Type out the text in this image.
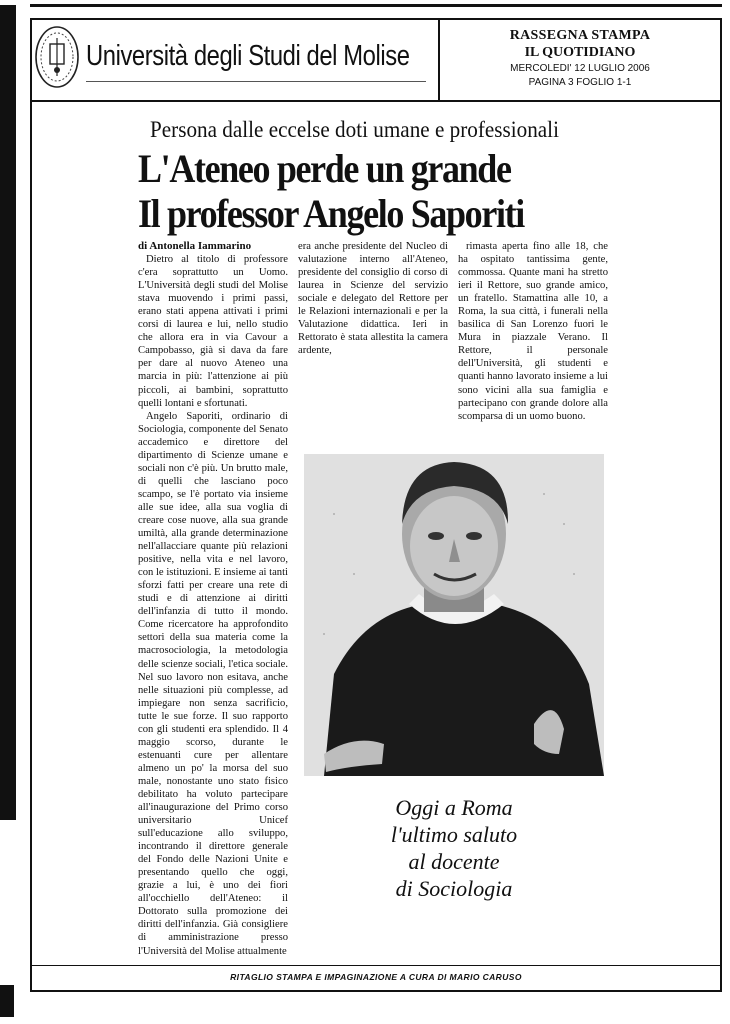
Università degli Studi del Molise
RASSEGNA STAMPA
IL QUOTIDIANO
MERCOLEDI' 12 LUGLIO 2006
PAGINA 3 FOGLIO 1-1
Persona dalle eccelse doti umane e professionali
L'Ateneo perde un grande
Il professor Angelo Saporiti

di Antonella Iammarino

Dietro al titolo di professore c'era soprattutto un Uomo. L'Università degli studi del Molise stava muovendo i primi passi, erano stati appena attivati i primi corsi di laurea e lui, nello studio che allora era in via Cavour a Campobasso, già si dava da fare per dare al nuovo Ateneo una marcia in più: l'attenzione ai più piccoli, ai bambini, soprattutto quelli lontani e sfortunati.

Angelo Saporiti, ordinario di Sociologia, componente del Senato accademico e direttore del dipartimento di Scienze umane e sociali non c'è più. Un brutto male, di quelli che lasciano poco scampo, se l'è portato via insieme alle sue idee, alla sua voglia di creare cose nuove, alla sua grande umiltà, alla grande determinazione nell'allacciare quante più relazioni positive, nella vita e nel lavoro, con le istituzioni. E insieme ai tanti sforzi fatti per creare una rete di studi e di attenzione ai diritti dell'infanzia di tutto il mondo. Come ricercatore ha approfondito settori della sua materia come la macrosociologia, la metodologia delle scienze sociali, l'etica sociale. Nel suo lavoro non esitava, anche nelle situazioni più complesse, ad impiegare non senza sacrificio, tutte le sue forze. Il suo rapporto con gli studenti era splendido. Il 4 maggio scorso, durante le estenuanti cure per allentare almeno un po' la morsa del suo male, nonostante uno stato fisico debilitato ha voluto partecipare all'inaugurazione del Primo corso universitario Unicef sull'educazione allo sviluppo, incontrando il direttore generale del Fondo delle Nazioni Unite e presentando quello che oggi, grazie a lui, è uno dei fiori all'occhiello dell'Ateneo: il Dottorato sulla promozione dei diritti dell'infanzia. Già consigliere di amministrazione presso l'Università del Molise attualmente

rimasta aperta fino alle 18, che ha ospitato tantissima gente, commossa. Quante mani ha stretto ieri il Rettore, suo grande amico, un fratello. Stamattina alle 10, a Roma, la sua città, i funerali nella basilica di San Lorenzo fuori le Mura in piazzale Verano. Il Rettore, il personale dell'Università, gli studenti e quanti hanno lavorato insieme a lui sono vicini alla sua famiglia e partecipano con grande dolore alla scomparsa di un uomo buono.

era anche presidente del Nucleo di valutazione interno all'Ateneo, presidente del consiglio di corso di laurea in Scienze del servizio sociale e delegato del Rettore per le Relazioni internazionali e per la Valutazione didattica. Ieri in Rettorato è stata allestita la camera ardente,

Oggi a Roma
l'ultimo saluto
al docente
di Sociologia
RITAGLIO STAMPA E IMPAGINAZIONE A CURA DI MARIO CARUSO
